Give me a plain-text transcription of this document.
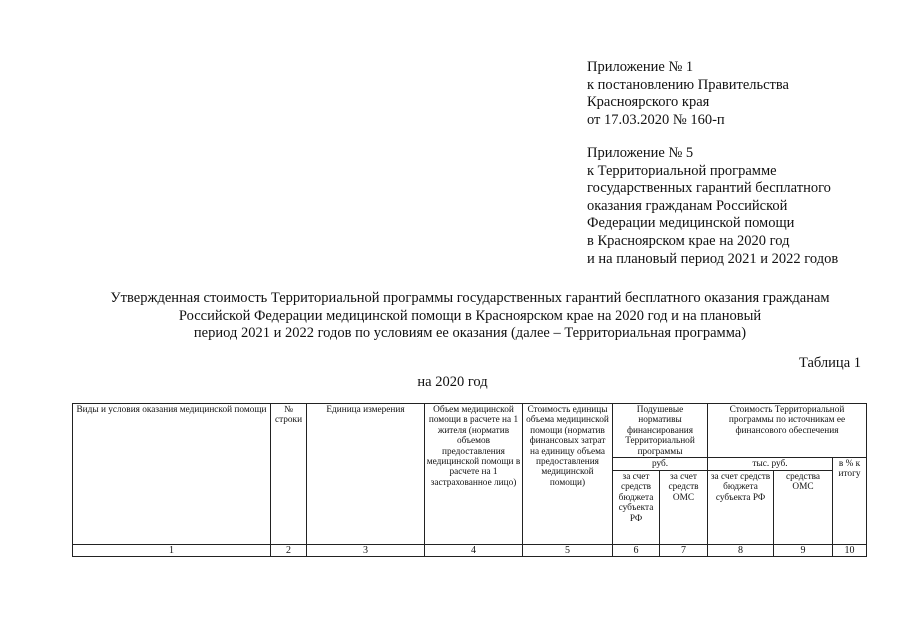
Приложение № 1
к постановлению Правительства
Красноярского края
от 17.03.2020 № 160-п
Приложение № 5
к Территориальной программе
государственных гарантий бесплатного
оказания гражданам Российской
Федерации медицинской помощи
в Красноярском крае на 2020 год
и на плановый период 2021 и 2022 годов
Утвержденная стоимость Территориальной программы государственных гарантий бесплатного оказания гражданам
Российской Федерации медицинской помощи в Красноярском крае на 2020 год и на плановый
период 2021 и 2022 годов по условиям ее оказания (далее – Территориальная программа)
Таблица 1
на 2020 год
Виды и условия оказания медицинской помощи	№ строки	Единица измерения	Объем медицинской помощи в расчете на 1 жителя (норматив объемов предоставления медицинской помощи в расчете на 1 застрахованное лицо)	Стоимость единицы объема медицинской помощи (норматив финансовых затрат на единицу объема предоставления медицинской помощи)	Подушевые нормативы финансирования Территориальной программы		Стоимость Территориальной программы по источникам ее финансового обеспечения		
					руб.		тыс. руб.		в % к итогу
					за счет средств бюджета субъекта РФ	за счет средств ОМС	за счет средств бюджета субъекта РФ	средства ОМС	
1	2	3	4	5	6	7	8	9	10
